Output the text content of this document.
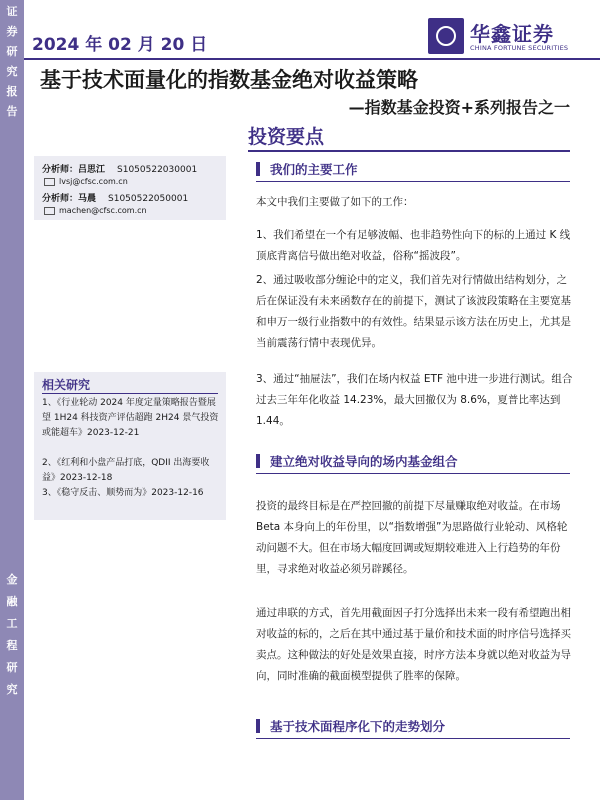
证
券
研
究
报
告
金
融
工
程
研
究
2024 年 02 月 20 日	华鑫证券
CHINA FORTUNE SECURITIES
基于技术面量化的指数基金绝对收益策略
—指数基金投资+系列报告之一
投资要点
分析师：吕思江 S1050522030001
lvsj@cfsc.com.cn
分析师：马晨 S1050522050001
machen@cfsc.com.cn
相关研究
1、《行业轮动 2024 年度定量策略报告暨展望 1H24 科技资产评估超跑 2H24 景气投资或能超车》2023-12-21
2、《红利和小盘产品打底，QDII 出海要收益》2023-12-18
3、《稳守反击、顺势而为》2023-12-16
我们的主要工作
本文中我们主要做了如下的工作：
1、我们希望在一个有足够波幅、也非趋势性向下的标的上通过 K 线顶底背离信号做出绝对收益，俗称“摇波段”。
2、通过吸收部分缠论中的定义，我们首先对行情做出结构划分，之后在保证没有未来函数存在的前提下，测试了该波段策略在主要宽基和申万一级行业指数中的有效性。结果显示该方法在历史上，尤其是当前震荡行情中表现优异。
3、通过“抽屉法”，我们在场内权益 ETF 池中进一步进行测试。组合过去三年年化收益 14.23%，最大回撤仅为 8.6%，夏普比率达到 1.44。
建立绝对收益导向的场内基金组合
投资的最终目标是在严控回撤的前提下尽量赚取绝对收益。在市场 Beta 本身向上的年份里，以“指数增强”为思路做行业轮动、风格轮动问题不大。但在市场大幅度回调或短期较难进入上行趋势的年份里，寻求绝对收益必须另辟蹊径。
通过串联的方式，首先用截面因子打分选择出未来一段有希望跑出相对收益的标的，之后在其中通过基于量价和技术面的时序信号选择买卖点。这种做法的好处是效果直接，时序方法本身就以绝对收益为导向，同时准确的截面模型提供了胜率的保障。
基于技术面程序化下的走势划分
